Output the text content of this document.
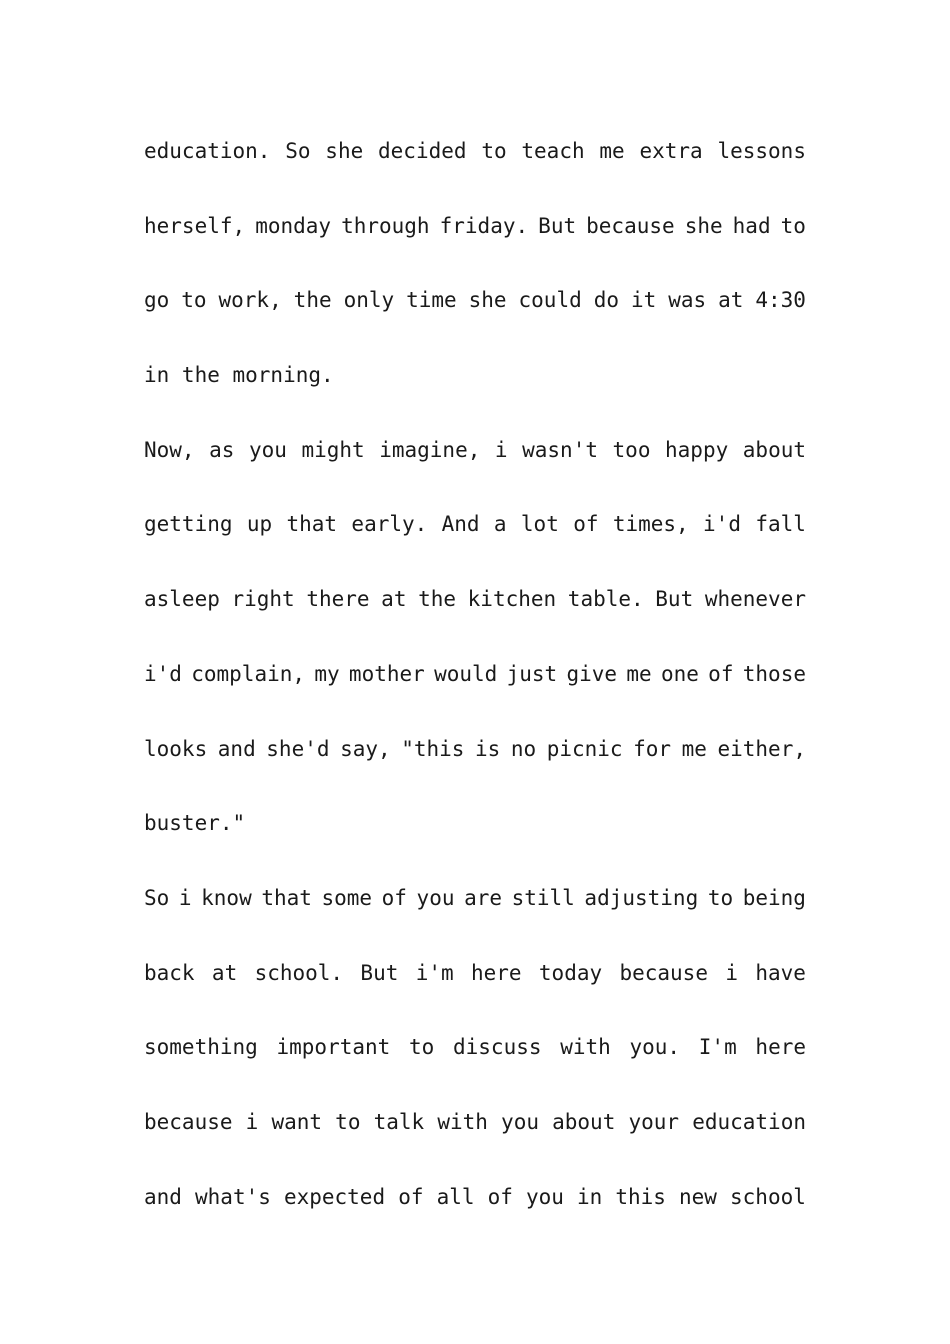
education. So she decided to teach me extra lessons
herself, monday through friday. But because she had to
go to work, the only time she could do it was at 4:30
in the morning.
Now, as you might imagine, i wasn't too happy about
getting up that early. And a lot of times, i'd fall
asleep right there at the kitchen table. But whenever
i'd complain, my mother would just give me one of those
looks and she'd say, "this is no picnic for me either,
buster."
So i know that some of you are still adjusting to being
back at school. But i'm here today because i have
something important to discuss with you. I'm here
because i want to talk with you about your education
and what's expected of all of you in this new school
